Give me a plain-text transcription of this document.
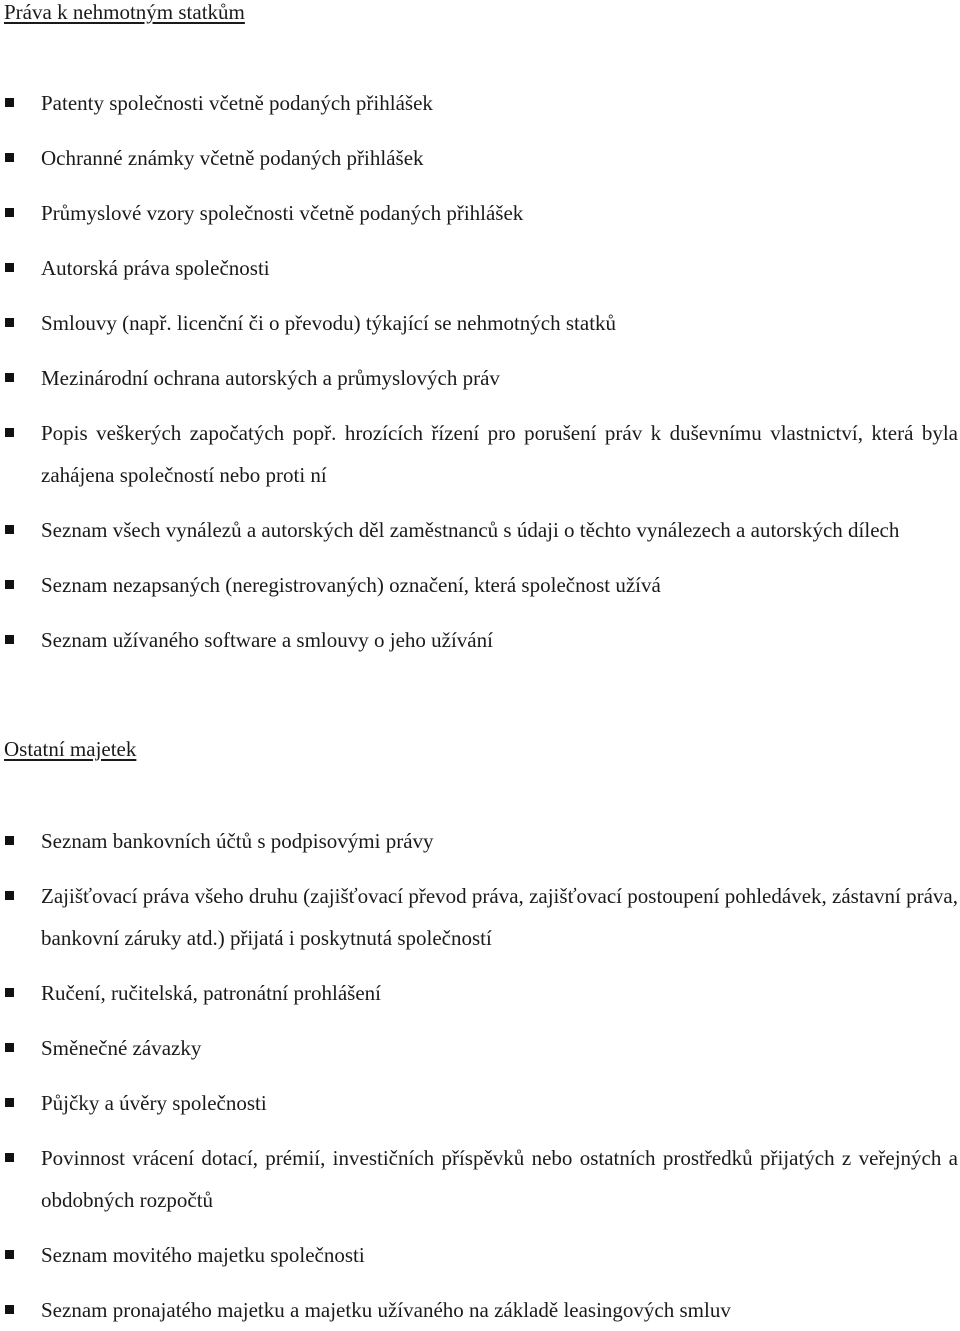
Práva k nehmotným statkům
Patenty společnosti včetně podaných přihlášek
Ochranné známky včetně podaných přihlášek
Průmyslové vzory společnosti včetně podaných přihlášek
Autorská práva společnosti
Smlouvy (např. licenční či o převodu) týkající se nehmotných statků
Mezinárodní ochrana autorských a průmyslových práv
Popis veškerých započatých popř. hrozících řízení pro porušení práv k duševnímu vlastnictví, která byla zahájena společností nebo proti ní
Seznam všech vynálezů a autorských děl zaměstnanců s údaji o těchto vynálezech a autorských dílech
Seznam nezapsaných (neregistrovaných) označení, která společnost užívá
Seznam užívaného software a smlouvy o jeho užívání
Ostatní majetek
Seznam bankovních účtů s podpisovými právy
Zajišťovací práva všeho druhu (zajišťovací převod práva, zajišťovací postoupení pohledávek, zástavní práva, bankovní záruky atd.) přijatá i poskytnutá společností
Ručení, ručitelská, patronátní prohlášení
Směnečné závazky
Půjčky a úvěry společnosti
Povinnost vrácení dotací, prémií, investičních příspěvků nebo ostatních prostředků přijatých z veřejných a obdobných rozpočtů
Seznam movitého majetku společnosti
Seznam pronajatého majetku a majetku užívaného na základě leasingových smluv
